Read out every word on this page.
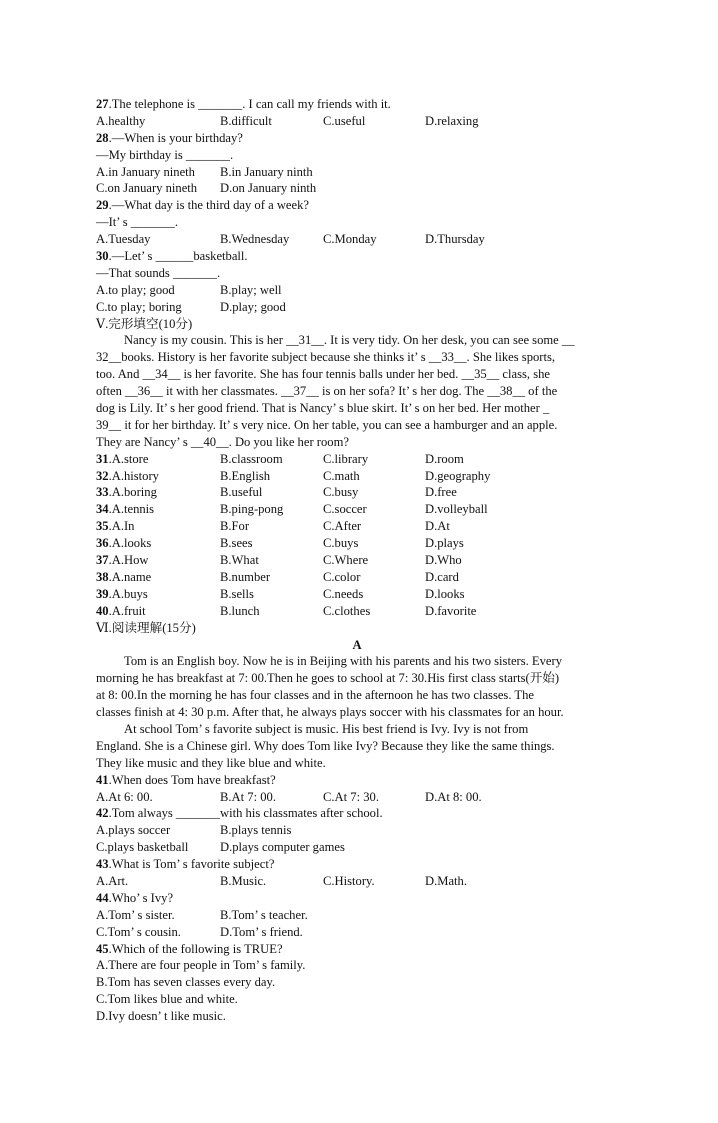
27.The telephone is _______. I can call my friends with it.
A.healthy	B.difficult	C.useful	D.relaxing
28.—When is your birthday?
—My birthday is _______.
A.in January nineth B.in January ninth
C.on January nineth D.on January ninth
29.—What day is the third day of a week?
—It’ s _______.
A.Tuesday	B.Wednesday	C.Monday	D.Thursday
30.—Let’ s ______basketball.
—That sounds _______.
A.to play; good	B.play; well
C.to play; boring	D.play; good
Ⅴ.完形填空(10分)
Nancy is my cousin. This is her __31__. It is very tidy. On her desk, you can see some __
32__books. History is her favorite subject because she thinks it’ s __33__. She likes sports,
too. And __34__ is her favorite. She has four tennis balls under her bed. __35__ class, she
often __36__ it with her classmates. __37__ is on her sofa? It’ s her dog. The __38__ of the
dog is Lily. It’ s her good friend. That is Nancy’ s blue skirt. It’ s on her bed. Her mother _
39__ it for her birthday. It’ s very nice. On her table, you can see a hamburger and an apple.
They are Nancy’ s __40__. Do you like her room?
31.A.store	B.classroom	C.library	D.room
32.A.history	B.English	C.math	D.geography
33.A.boring	B.useful	C.busy	D.free
34.A.tennis	B.ping-pong	C.soccer	D.volleyball
35.A.In	B.For	C.After	D.At
36.A.looks	B.sees	C.buys	D.plays
37.A.How	B.What	C.Where	D.Who
38.A.name	B.number	C.color	D.card
39.A.buys	B.sells	C.needs	D.looks
40.A.fruit	B.lunch	C.clothes	D.favorite
Ⅵ.阅读理解(15分)
A
Tom is an English boy. Now he is in Beijing with his parents and his two sisters. Every
morning he has breakfast at 7: 00.Then he goes to school at 7: 30.His first class starts(开始)
at 8: 00.In the morning he has four classes and in the afternoon he has two classes. The
classes finish at 4: 30 p.m. After that, he always plays soccer with his classmates for an hour.
At school Tom’ s favorite subject is music. His best friend is Ivy. Ivy is not from
England. She is a Chinese girl. Why does Tom like Ivy? Because they like the same things.
They like music and they like blue and white.
41.When does Tom have breakfast?
A.At 6: 00.	B.At 7: 00.	C.At 7: 30.	D.At 8: 00.
42.Tom always _______with his classmates after school.
A.plays soccer	B.plays tennis
C.plays basketball	D.plays computer games
43.What is Tom’ s favorite subject?
A.Art.	B.Music.	C.History.	D.Math.
44.Who’ s Ivy?
A.Tom’ s sister.	B.Tom’ s teacher.
C.Tom’ s cousin.	D.Tom’ s friend.
45.Which of the following is TRUE?
A.There are four people in Tom’ s family.
B.Tom has seven classes every day.
C.Tom likes blue and white.
D.Ivy doesn’ t like music.
